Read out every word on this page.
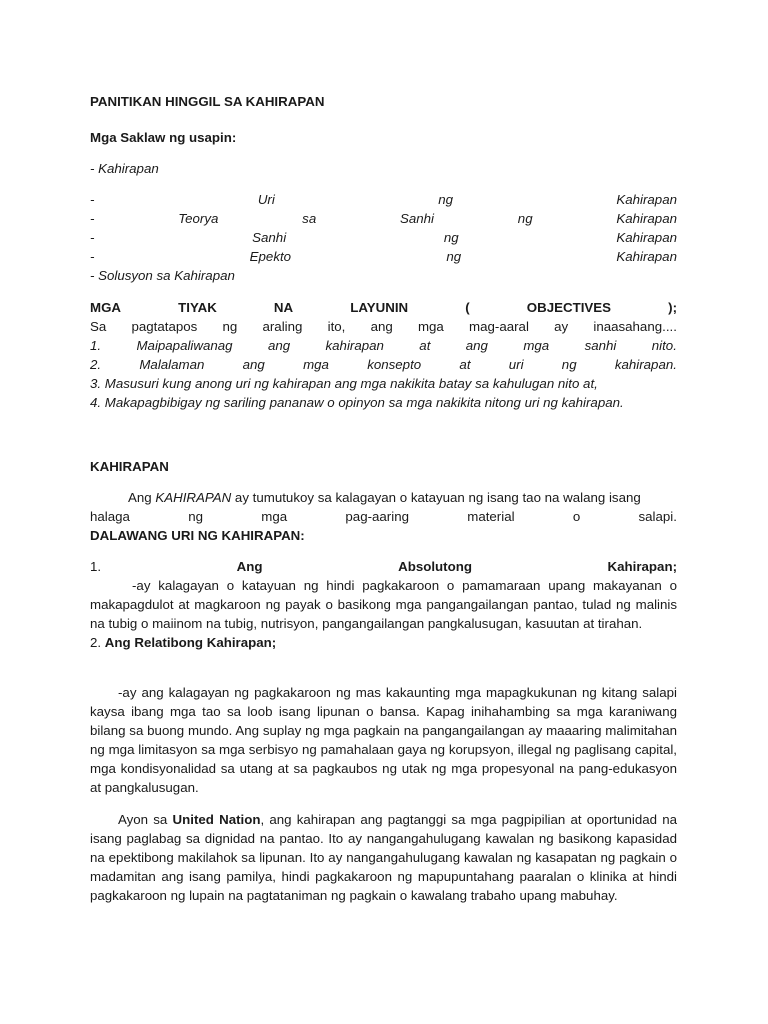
PANITIKAN HINGGIL SA KAHIRAPAN
Mga Saklaw ng usapin:
- Kahirapan
-	Uri	ng	Kahirapan
-	Teorya	sa	Sanhi	ng	Kahirapan
-	Sanhi	ng	Kahirapan
-	Epekto	ng	Kahirapan
- Solusyon sa Kahirapan
MGA	TIYAK	NA	LAYUNIN	(	OBJECTIVES	);
Sa pagtatapos ng araling ito, ang mga mag-aaral ay inaasahang....
1.	Maipapaliwanag	ang	kahirapan	at	ang	mga	sanhi	nito.
2.	Malalaman	ang	mga	konsepto	at	uri	ng	kahirapan.
3. Masusuri kung anong uri ng kahirapan ang mga nakikita batay sa kahulugan nito at,
4. Makapagbibigay ng sariling pananaw o opinyon sa mga nakikita nitong uri ng kahirapan.
KAHIRAPAN
Ang KAHIRAPAN ay tumutukoy sa kalagayan o katayuan ng isang tao na walang isang
halaga	ng	mga	pag-aaring	material	o	salapi.
DALAWANG URI NG KAHIRAPAN:
1.	Ang	Absolutong	Kahirapan;
-ay kalagayan o katayuan ng hindi pagkakaroon o pamamaraan upang makayanan o makapagdulot at magkaroon ng payak o basikong mga pangangailangan pantao, tulad ng malinis na tubig o maiinom na tubig, nutrisyon, pangangailangan pangkalusugan, kasuutan at tirahan.
2. Ang Relatibong Kahirapan;
-ay ang kalagayan ng pagkakaroon ng mas kakaunting mga mapagkukunan ng kitang salapi kaysa ibang mga tao sa loob isang lipunan o bansa. Kapag inihahambing sa mga karaniwang bilang sa buong mundo. Ang suplay ng mga pagkain na pangangailangan ay maaaring malimitahan ng mga limitasyon sa mga serbisyo ng pamahalaan gaya ng korupsyon, illegal ng paglisang capital, mga kondisyonalidad sa utang at sa pagkaubos ng utak ng mga propesyonal na pang-edukasyon at pangkalusugan.
Ayon sa United Nation, ang kahirapan ang pagtanggi sa mga pagpipilian at oportunidad na isang paglabag sa dignidad na pantao. Ito ay nangangahulugang kawalan ng basikong kapasidad na epektibong makilahok sa lipunan. Ito ay nangangahulugang kawalan ng kasapatan ng pagkain o madamitan ang isang pamilya, hindi pagkakaroon ng mapupuntahang paaralan o klinika at hindi pagkakaroon ng lupain na pagtataniman ng pagkain o kawalang trabaho upang mabuhay.
